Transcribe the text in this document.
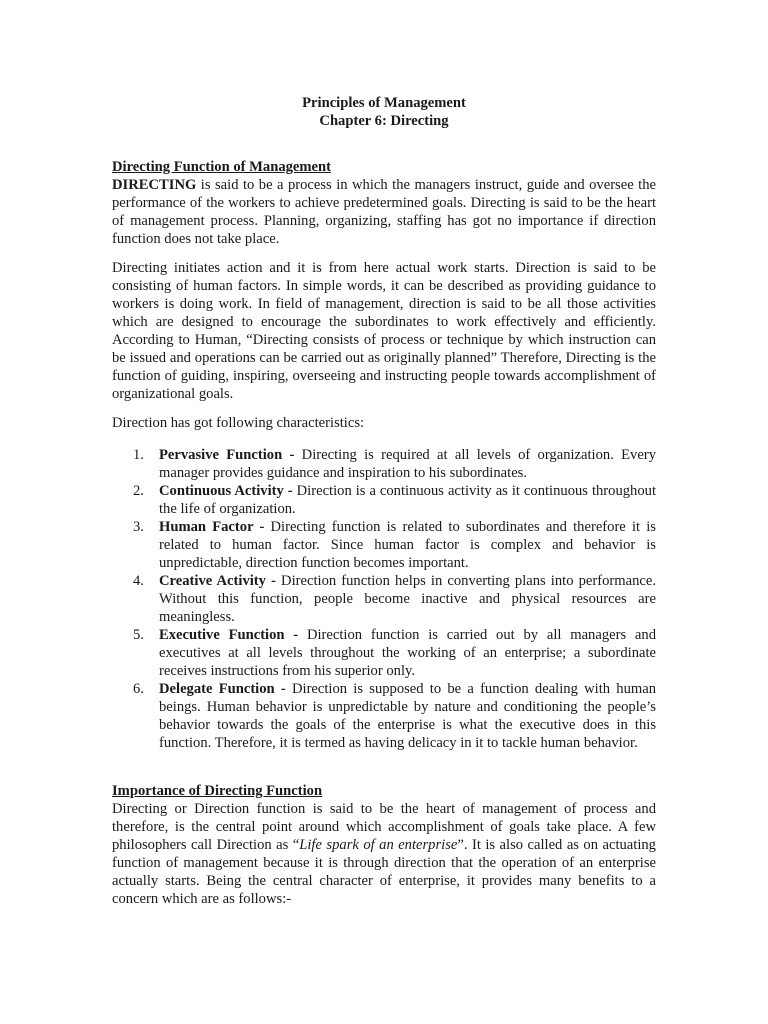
Principles of Management
Chapter 6: Directing
Directing Function of Management

DIRECTING is said to be a process in which the managers instruct, guide and oversee the performance of the workers to achieve predetermined goals. Directing is said to be the heart of management process. Planning, organizing, staffing has got no importance if direction function does not take place.

Directing initiates action and it is from here actual work starts. Direction is said to be consisting of human factors. In simple words, it can be described as providing guidance to workers is doing work. In field of management, direction is said to be all those activities which are designed to encourage the subordinates to work effectively and efficiently. According to Human, “Directing consists of process or technique by which instruction can be issued and operations can be carried out as originally planned” Therefore, Directing is the function of guiding, inspiring, overseeing and instructing people towards accomplishment of organizational goals.

Direction has got following characteristics:

1. Pervasive Function - Directing is required at all levels of organization. Every manager provides guidance and inspiration to his subordinates.
2. Continuous Activity - Direction is a continuous activity as it continuous throughout the life of organization.
3. Human Factor - Directing function is related to subordinates and therefore it is related to human factor. Since human factor is complex and behavior is unpredictable, direction function becomes important.
4. Creative Activity - Direction function helps in converting plans into performance. Without this function, people become inactive and physical resources are meaningless.
5. Executive Function - Direction function is carried out by all managers and executives at all levels throughout the working of an enterprise; a subordinate receives instructions from his superior only.
6. Delegate Function - Direction is supposed to be a function dealing with human beings. Human behavior is unpredictable by nature and conditioning the people’s behavior towards the goals of the enterprise is what the executive does in this function. Therefore, it is termed as having delicacy in it to tackle human behavior.
Importance of Directing Function

Directing or Direction function is said to be the heart of management of process and therefore, is the central point around which accomplishment of goals take place. A few philosophers call Direction as “Life spark of an enterprise”. It is also called as on actuating function of management because it is through direction that the operation of an enterprise actually starts. Being the central character of enterprise, it provides many benefits to a concern which are as follows:-
